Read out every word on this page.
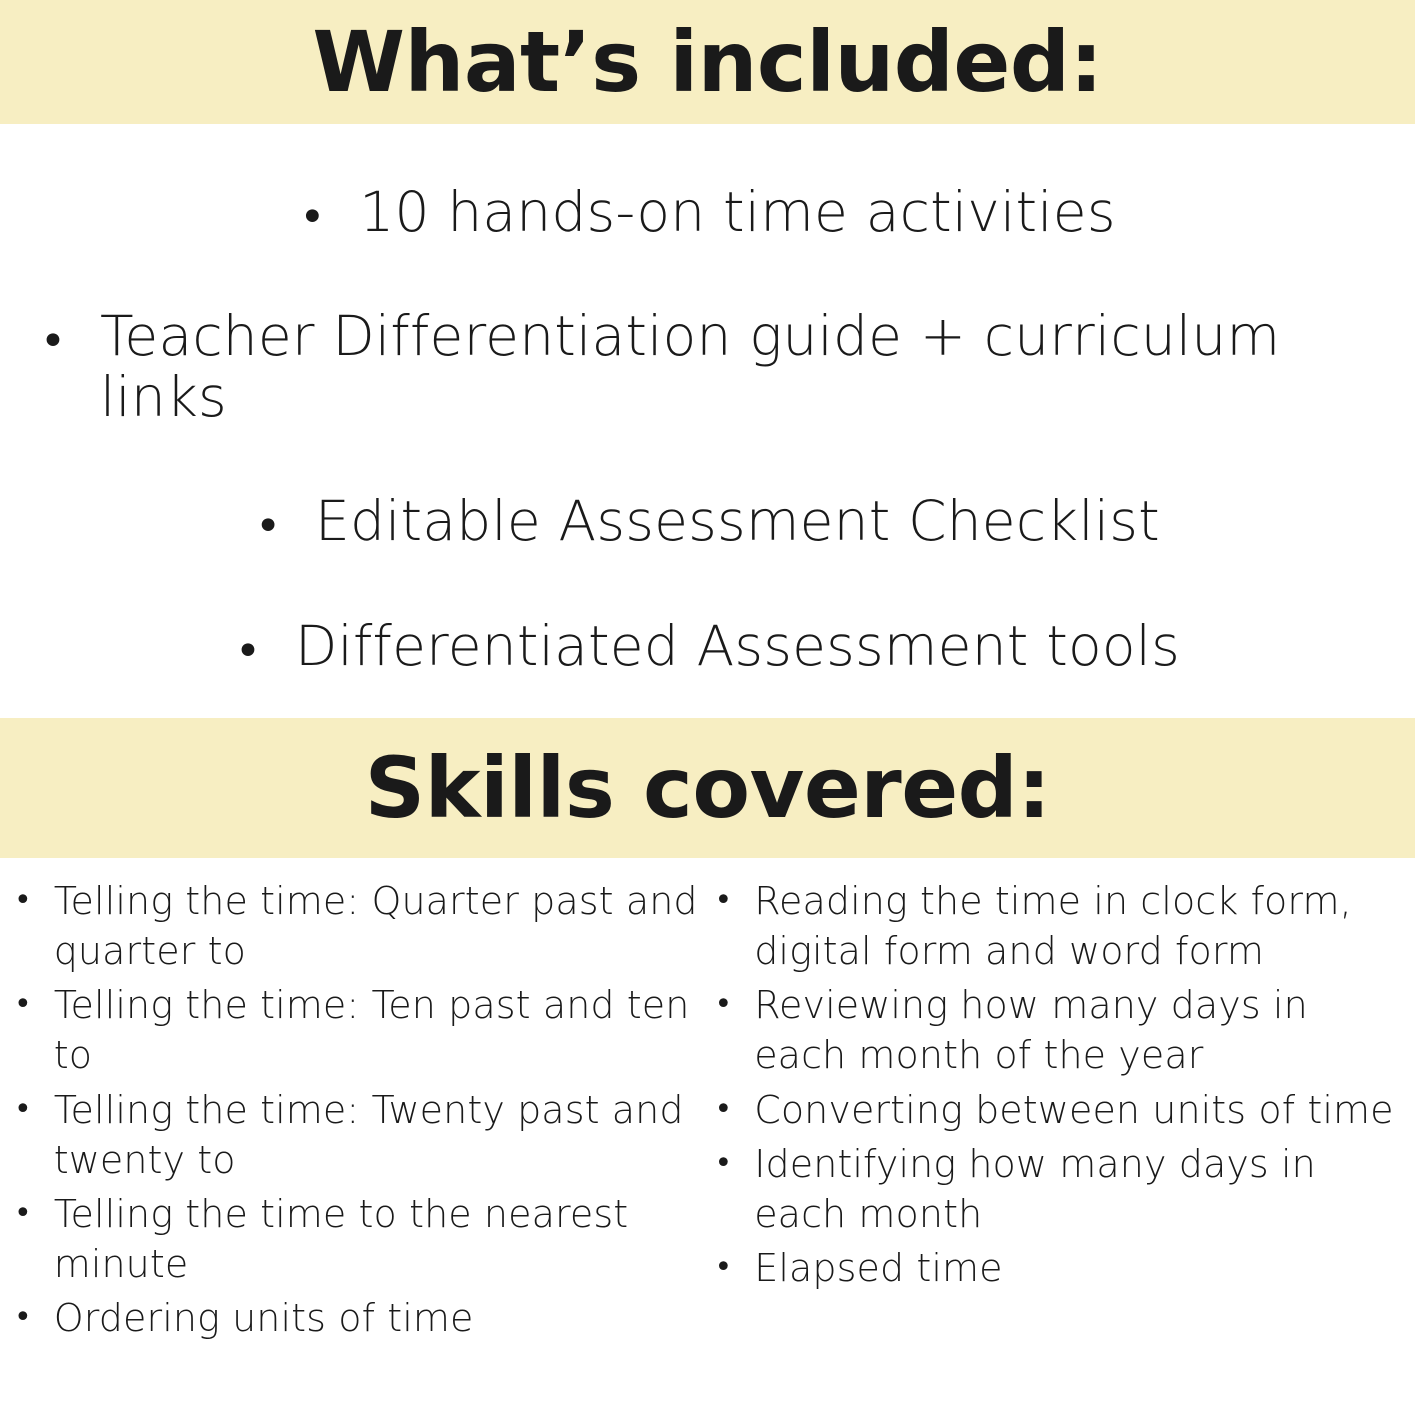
What’s included:
• 10 hands-on time activities
• Teacher Differentiation guide + curriculum links
• Editable Assessment Checklist
• Differentiated Assessment tools
Skills covered:
• Telling the time: Quarter past and quarter to
• Telling the time: Ten past and ten to
• Telling the time: Twenty past and twenty to
• Telling the time to the nearest minute
• Ordering units of time
• Reading the time in clock form, digital form and word form
• Reviewing how many days in each month of the year
• Converting between units of time
• Identifying how many days in each month
• Elapsed time
